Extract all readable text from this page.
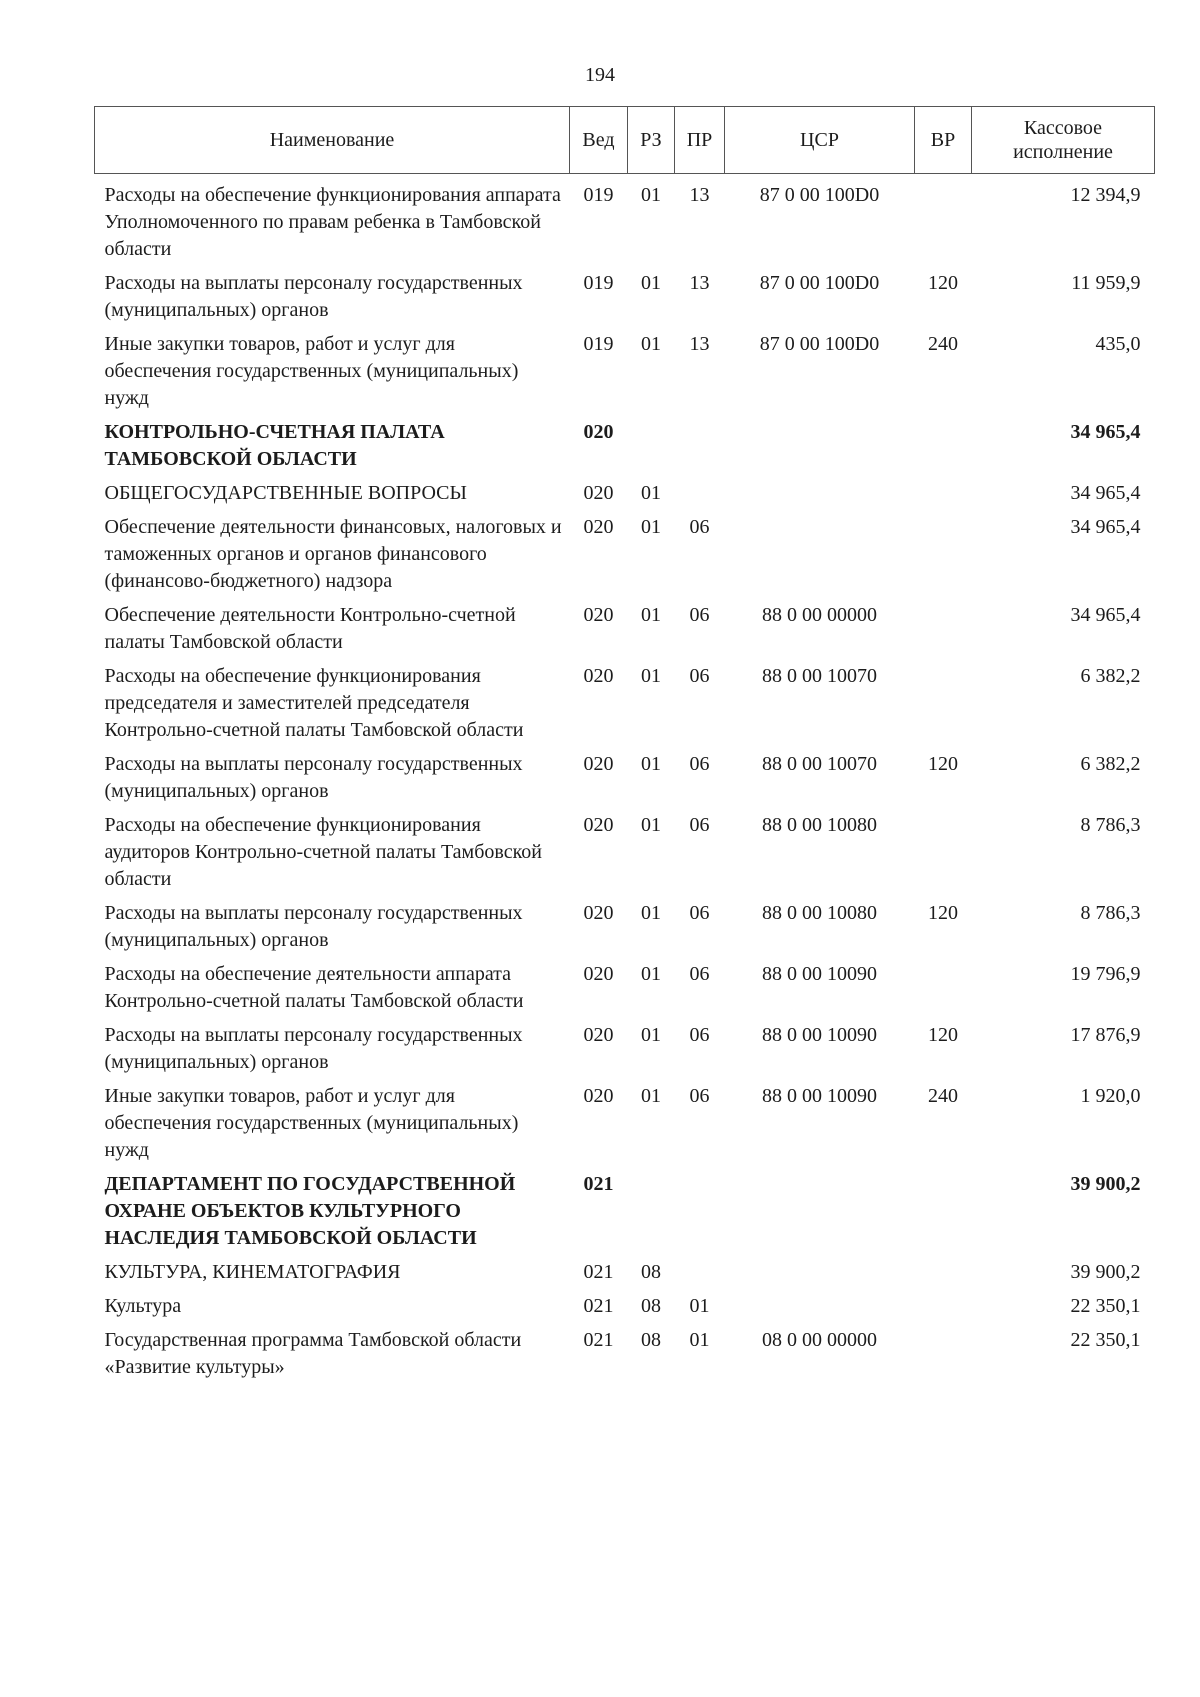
194
Наименование	Вед	РЗ	ПР	ЦСР	ВР	Кассовое исполнение
Расходы на обеспечение функционирования аппарата Уполномоченного по правам ребенка в Тамбовской области	019	01	13	87 0 00 100D0		12 394,9
Расходы на выплаты персоналу государственных (муниципальных) органов	019	01	13	87 0 00 100D0	120	11 959,9
Иные закупки товаров, работ и услуг для обеспечения государственных (муниципальных) нужд	019	01	13	87 0 00 100D0	240	435,0
КОНТРОЛЬНО-СЧЕТНАЯ ПАЛАТА ТАМБОВСКОЙ ОБЛАСТИ	020					34 965,4
ОБЩЕГОСУДАРСТВЕННЫЕ ВОПРОСЫ	020	01				34 965,4
Обеспечение деятельности финансовых, налоговых и таможенных органов и органов финансового (финансово-бюджетного) надзора	020	01	06			34 965,4
Обеспечение деятельности Контрольно-счетной палаты Тамбовской области	020	01	06	88 0 00 00000		34 965,4
Расходы на обеспечение функционирования председателя и заместителей председателя Контрольно-счетной палаты Тамбовской области	020	01	06	88 0 00 10070		6 382,2
Расходы на выплаты персоналу государственных (муниципальных) органов	020	01	06	88 0 00 10070	120	6 382,2
Расходы на обеспечение функционирования аудиторов Контрольно-счетной палаты Тамбовской области	020	01	06	88 0 00 10080		8 786,3
Расходы на выплаты персоналу государственных (муниципальных) органов	020	01	06	88 0 00 10080	120	8 786,3
Расходы на обеспечение деятельности аппарата Контрольно-счетной палаты Тамбовской области	020	01	06	88 0 00 10090		19 796,9
Расходы на выплаты персоналу государственных (муниципальных) органов	020	01	06	88 0 00 10090	120	17 876,9
Иные закупки товаров, работ и услуг для обеспечения государственных (муниципальных) нужд	020	01	06	88 0 00 10090	240	1 920,0
ДЕПАРТАМЕНТ ПО ГОСУДАРСТВЕННОЙ ОХРАНЕ ОБЪЕКТОВ КУЛЬТУРНОГО НАСЛЕДИЯ ТАМБОВСКОЙ ОБЛАСТИ	021					39 900,2
КУЛЬТУРА, КИНЕМАТОГРАФИЯ	021	08				39 900,2
Культура	021	08	01			22 350,1
Государственная программа Тамбовской области «Развитие культуры»	021	08	01	08 0 00 00000		22 350,1
